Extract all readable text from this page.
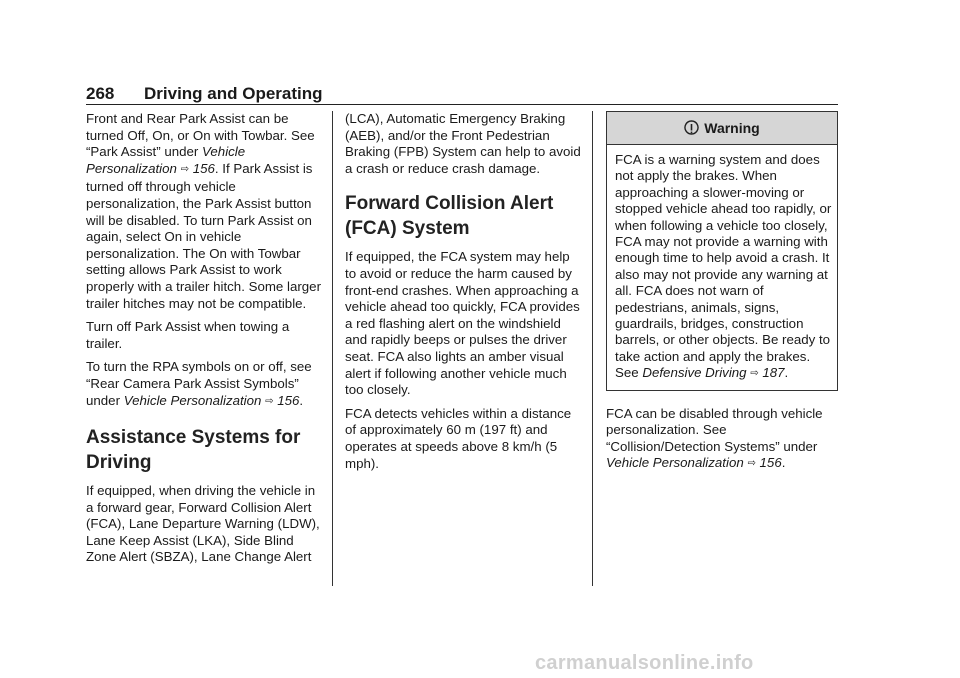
268 Driving and Operating

Front and Rear Park Assist can be turned Off, On, or On with Towbar. See “Park Assist” under Vehicle Personalization ⇨ 156. If Park Assist is turned off through vehicle personalization, the Park Assist button will be disabled. To turn Park Assist on again, select On in vehicle personalization. The On with Towbar setting allows Park Assist to work properly with a trailer hitch. Some larger trailer hitches may not be compatible.

Turn off Park Assist when towing a trailer.

To turn the RPA symbols on or off, see “Rear Camera Park Assist Symbols” under Vehicle Personalization ⇨ 156.

Assistance Systems for Driving

If equipped, when driving the vehicle in a forward gear, Forward Collision Alert (FCA), Lane Departure Warning (LDW), Lane Keep Assist (LKA), Side Blind Zone Alert (SBZA), Lane Change Alert

(LCA), Automatic Emergency Braking (AEB), and/or the Front Pedestrian Braking (FPB) System can help to avoid a crash or reduce crash damage.

Forward Collision Alert (FCA) System

If equipped, the FCA system may help to avoid or reduce the harm caused by front-end crashes. When approaching a vehicle ahead too quickly, FCA provides a red flashing alert on the windshield and rapidly beeps or pulses the driver seat. FCA also lights an amber visual alert if following another vehicle much too closely.

FCA detects vehicles within a distance of approximately 60 m (197 ft) and operates at speeds above 8 km/h (5 mph).

Warning
FCA is a warning system and does not apply the brakes. When approaching a slower-moving or stopped vehicle ahead too rapidly, or when following a vehicle too closely, FCA may not provide a warning with enough time to help avoid a crash. It also may not provide any warning at all. FCA does not warn of pedestrians, animals, signs, guardrails, bridges, construction barrels, or other objects. Be ready to take action and apply the brakes. See Defensive Driving ⇨ 187.

FCA can be disabled through vehicle personalization. See “Collision/Detection Systems” under Vehicle Personalization ⇨ 156.

carmanualsonline.info
